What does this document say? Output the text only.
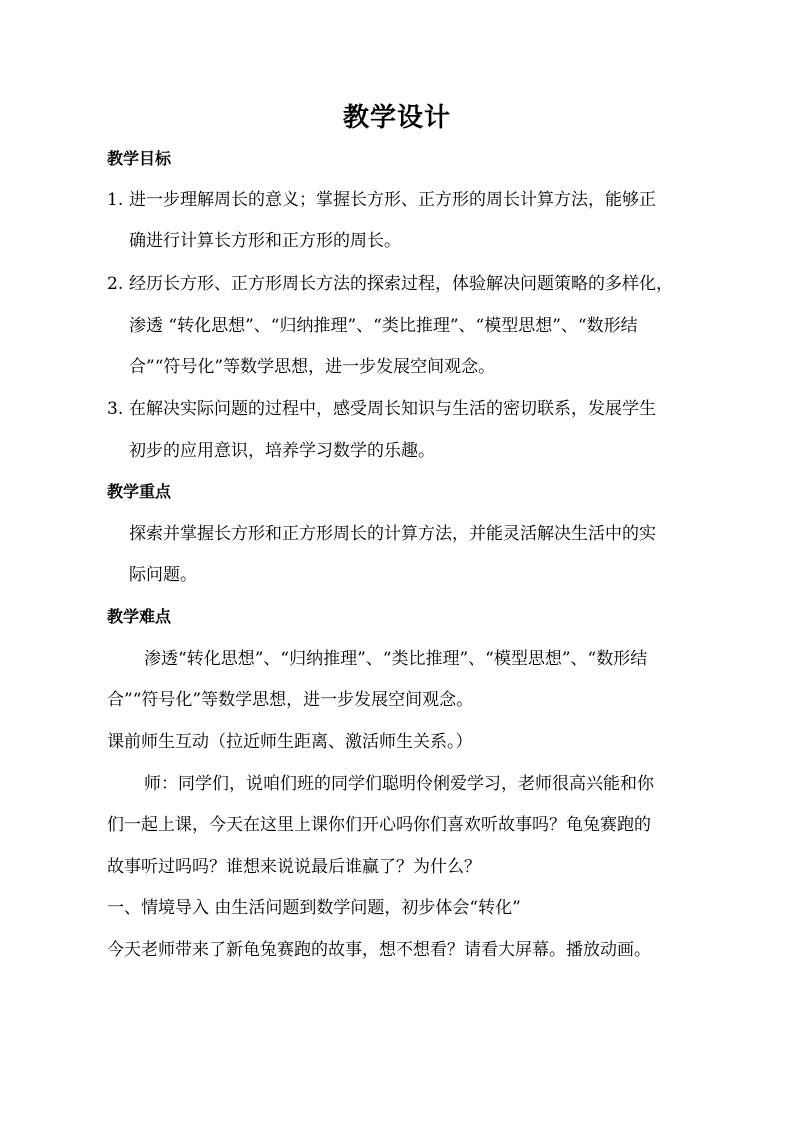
教学设计
教学目标
1. 进一步理解周长的意义；掌握长方形、正方形的周长计算方法，能够正
确进行计算长方形和正方形的周长。
2. 经历长方形、正方形周长方法的探索过程，体验解决问题策略的多样化，
渗透 “转化思想”、“归纳推理”、“类比推理”、“模型思想”、“数形结
合”“符号化”等数学思想，进一步发展空间观念。
3. 在解决实际问题的过程中，感受周长知识与生活的密切联系，发展学生
初步的应用意识，培养学习数学的乐趣。
教学重点
探索并掌握长方形和正方形周长的计算方法，并能灵活解决生活中的实
际问题。
教学难点
渗透“转化思想”、“归纳推理”、“类比推理”、“模型思想”、“数形结
合”“符号化”等数学思想，进一步发展空间观念。
课前师生互动（拉近师生距离、激活师生关系。）
师：同学们，说咱们班的同学们聪明伶俐爱学习，老师很高兴能和你
们一起上课，今天在这里上课你们开心吗你们喜欢听故事吗？龟兔赛跑的
故事听过吗吗？谁想来说说最后谁赢了？为什么？
一、情境导入 由生活问题到数学问题，初步体会“转化”
今天老师带来了新龟兔赛跑的故事，想不想看？请看大屏幕。播放动画。
